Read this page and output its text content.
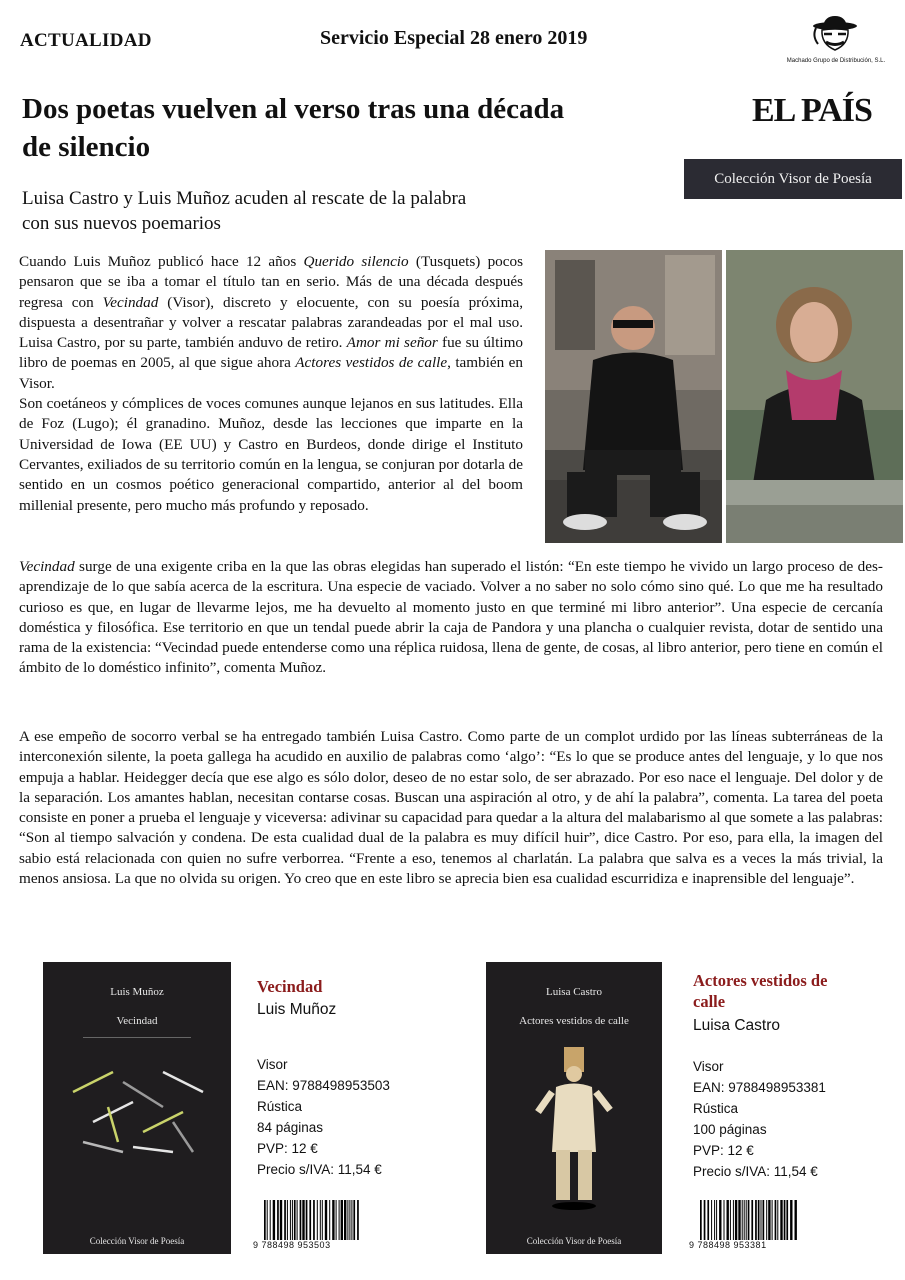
ACTUALIDAD	Servicio Especial 28 enero 2019
Machado Grupo de Distribución, S.L.
EL PAÍS
Colección Visor de Poesía
Dos poetas vuelven al verso tras una década de silencio
Luisa Castro y Luis Muñoz acuden al rescate de la palabra con sus nuevos poemarios

Cuando Luis Muñoz publicó hace 12 años Querido silencio (Tusquets) pocos pensaron que se iba a tomar el título tan en serio. Más de una década después regresa con Vecindad (Visor), discreto y elocuente, con su poesía próxima, dispuesta a desentrañar y volver a rescatar palabras zarandeadas por el mal uso. Luisa Castro, por su parte, también anduvo de retiro. Amor mi señor fue su último libro de poemas en 2005, al que sigue ahora Actores vestidos de calle, también en Visor.

Son coetáneos y cómplices de voces comunes aunque lejanos en sus latitudes. Ella de Foz (Lugo); él granadino. Muñoz, desde las lecciones que imparte en la Universidad de Iowa (EE UU) y Castro en Burdeos, donde dirige el Instituto Cervantes, exiliados de su territorio común en la lengua, se conjuran por dotarla de sentido en un cosmos poético generacional compartido, anterior al del boom millenial presente, pero mucho más profundo y reposado.

Vecindad surge de una exigente criba en la que las obras elegidas han superado el listón: “En este tiempo he vivido un largo proceso de des-aprendizaje de lo que sabía acerca de la escritura. Una especie de vaciado. Volver a no saber no solo cómo sino qué. Lo que me ha resultado curioso es que, en lugar de llevarme lejos, me ha devuelto al momento justo en que terminé mi libro anterior”. Una especie de cercanía doméstica y filosófica. Ese territorio en que un tendal puede abrir la caja de Pandora y una plancha o cualquier revista, dotar de sentido una rama de la existencia: “Vecindad puede entenderse como una réplica ruidosa, llena de gente, de cosas, al libro anterior, pero tiene en común el ámbito de lo doméstico infinito”, comenta Muñoz.
A ese empeño de socorro verbal se ha entregado también Luisa Castro. Como parte de un complot urdido por las líneas subterráneas de la interconexión silente, la poeta gallega ha acudido en auxilio de palabras como ‘algo’: “Es lo que se produce antes del lenguaje, y lo que nos empuja a hablar. Heidegger decía que ese algo es sólo dolor, deseo de no estar solo, de ser abrazado. Por eso nace el lenguaje. Del dolor y de la separación. Los amantes hablan, necesitan contarse cosas. Buscan una aspiración al otro, y de ahí la palabra”, comenta. La tarea del poeta consiste en poner a prueba el lenguaje y viceversa: adivinar su capacidad para quedar a la altura del malabarismo al que somete a las palabras: “Son al tiempo salvación y condena. De esta cualidad dual de la palabra es muy difícil huir”, dice Castro. Por eso, para ella, la imagen del sabio está relacionada con quien no sufre verborrea. “Frente a eso, tenemos al charlatán. La palabra que salva es a veces la más trivial, la menos ansiosa. La que no olvida su origen. Yo creo que en este libro se aprecia bien esa cualidad escurridiza e inaprensible del lenguaje”.
Luis Muñoz
Vecindad
Colección Visor de Poesía
Vecindad
Luis Muñoz
Visor
EAN: 9788498953503
Rústica
84 páginas
PVP: 12 €
Precio s/IVA: 11,54 €
9 788498 953503
Luisa Castro
Actores vestidos de calle
Colección Visor de Poesía
Actores vestidos de calle
Luisa Castro
Visor
EAN: 9788498953381
Rústica
100 páginas
PVP: 12 €
Precio s/IVA: 11,54 €
9 788498 953381
